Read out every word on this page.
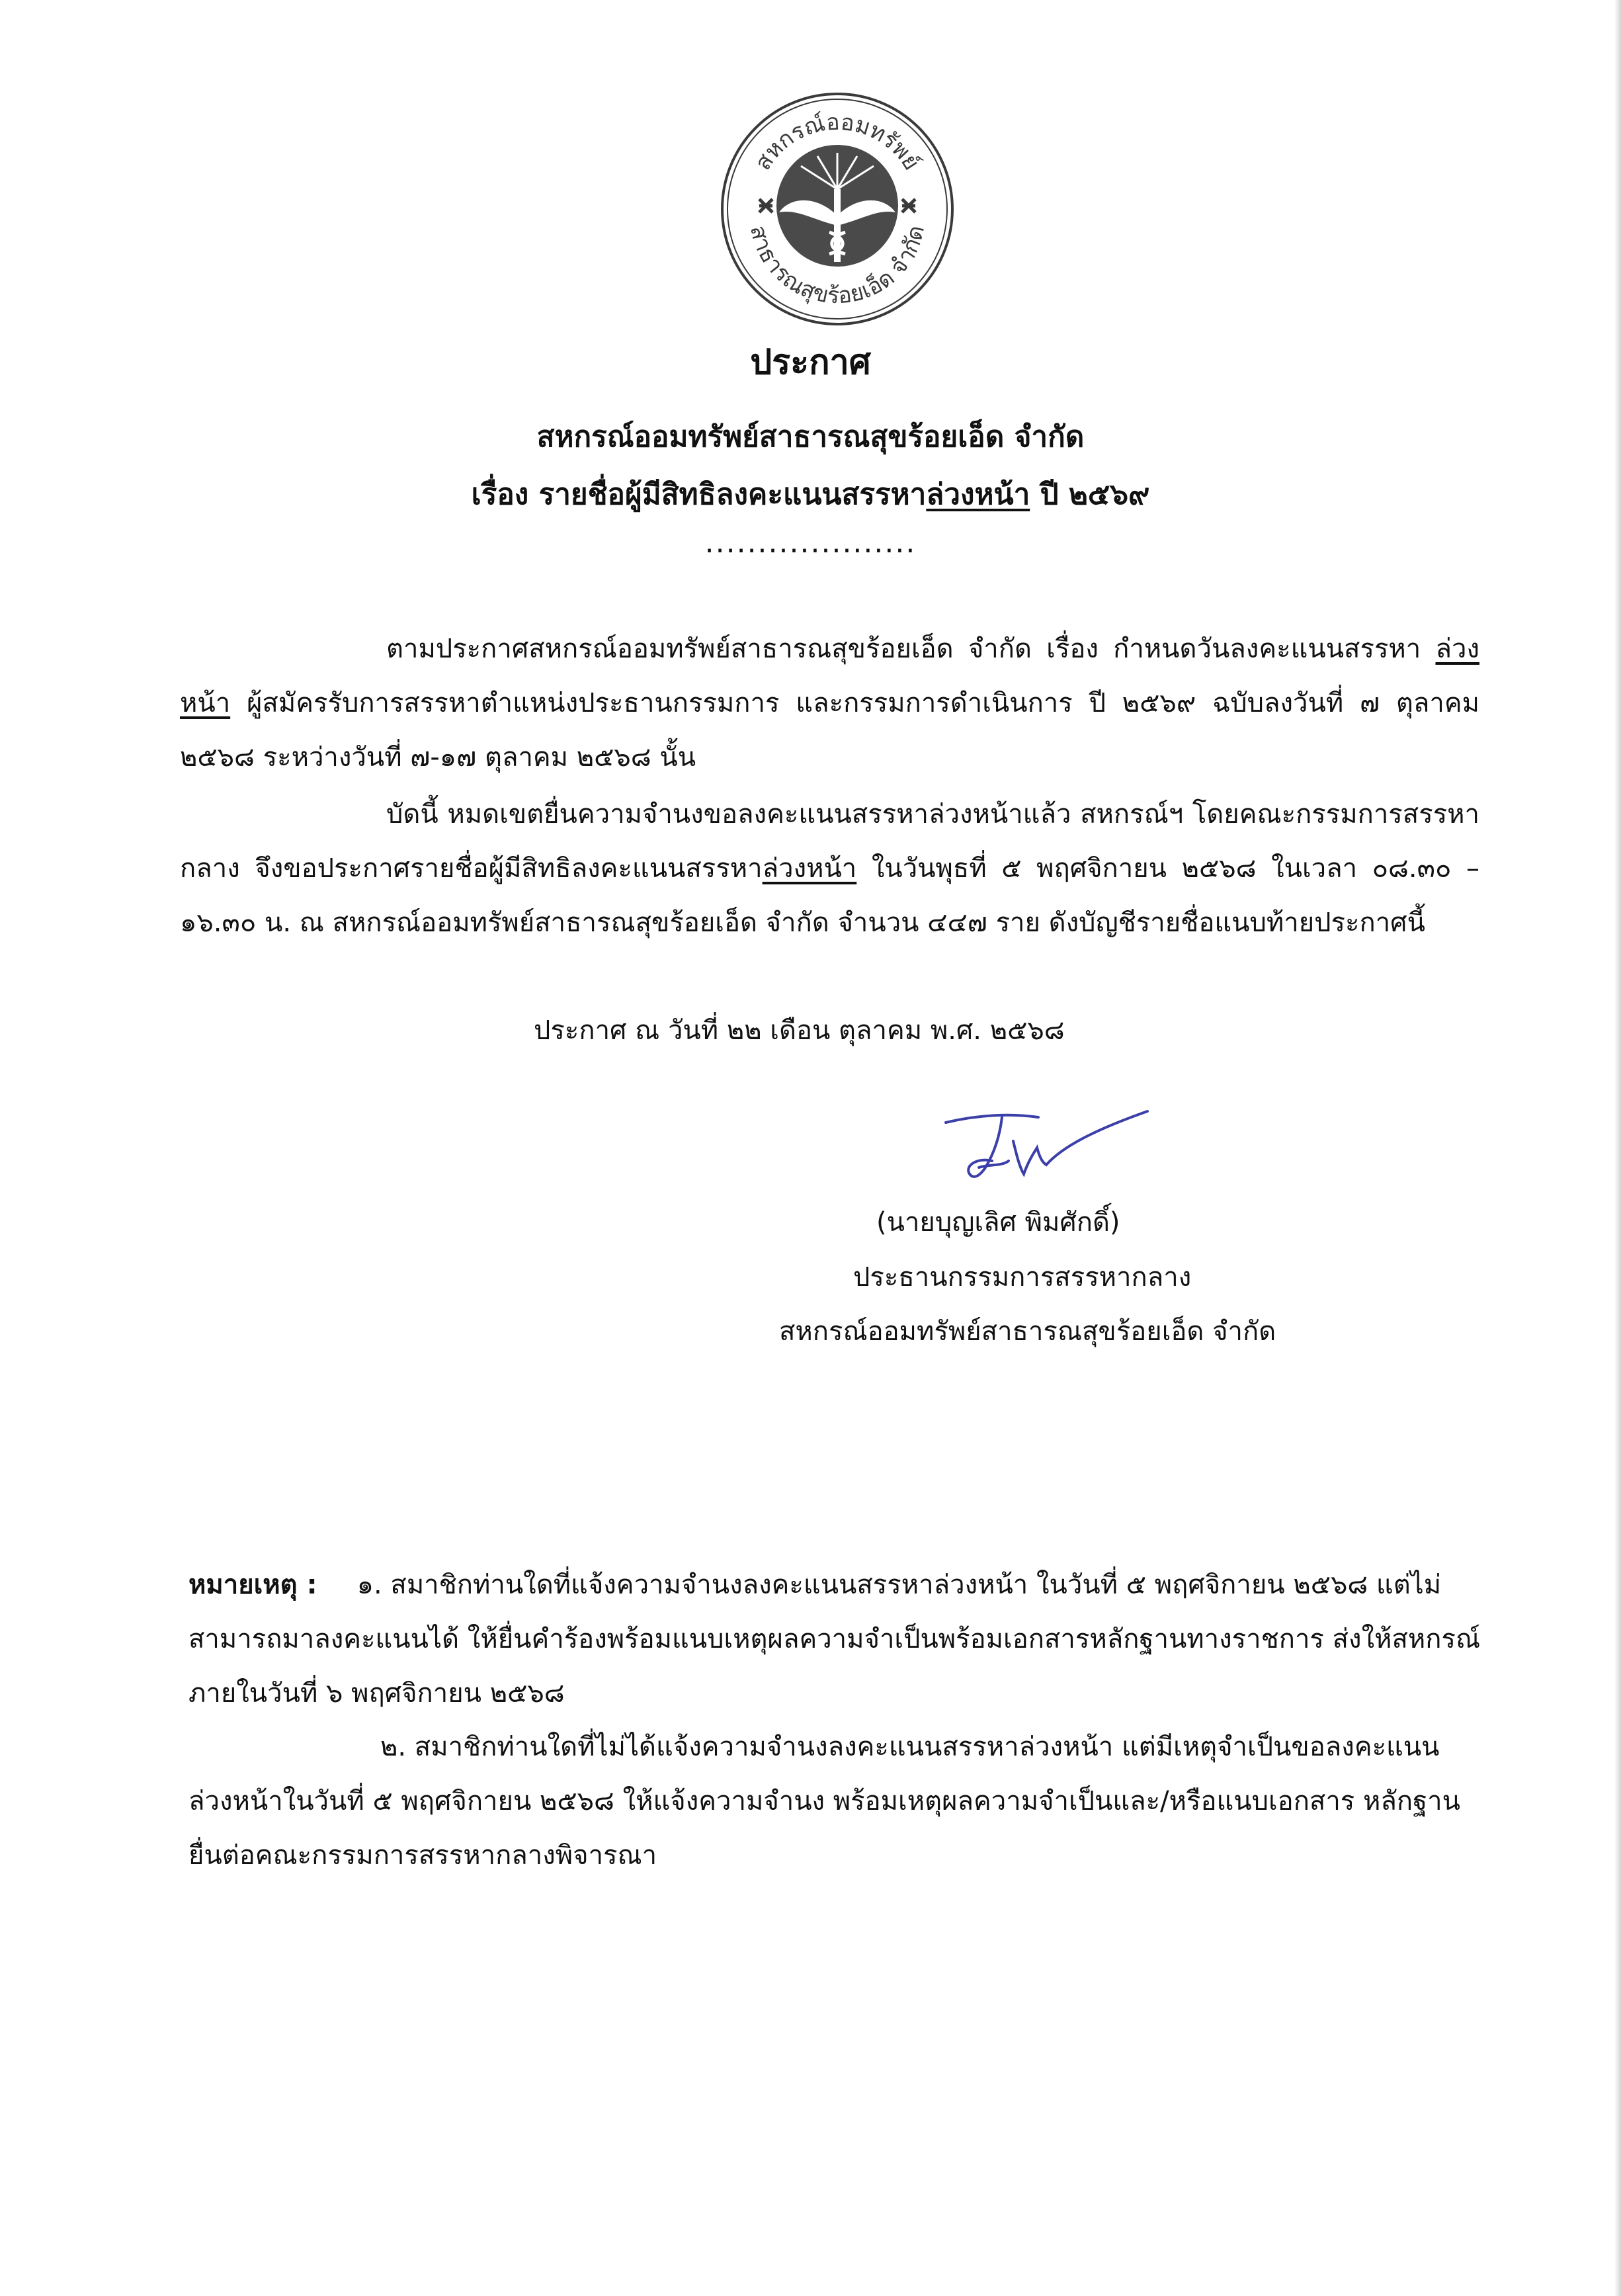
สหกรณ์ออมทรัพย์
สาธารณสุขร้อยเอ็ด จำกัด
ประกาศ
สหกรณ์ออมทรัพย์สาธารณสุขร้อยเอ็ด จำกัด
เรื่อง รายชื่อผู้มีสิทธิลงคะแนนสรรหาล่วงหน้า ปี ๒๕๖๙
....................
ตามประกาศสหกรณ์ออมทรัพย์สาธารณสุขร้อยเอ็ด จำกัด เรื่อง กำหนดวันลงคะแนนสรรหา ล่วงหน้า ผู้สมัครรับการสรรหาตำแหน่งประธานกรรมการ และกรรมการดำเนินการ ปี ๒๕๖๙ ฉบับลงวันที่ ๗ ตุลาคม ๒๕๖๘ ระหว่างวันที่ ๗-๑๗ ตุลาคม ๒๕๖๘ นั้น
บัดนี้ หมดเขตยื่นความจำนงขอลงคะแนนสรรหาล่วงหน้าแล้ว สหกรณ์ฯ โดยคณะกรรมการสรรหากลาง จึงขอประกาศรายชื่อผู้มีสิทธิลงคะแนนสรรหาล่วงหน้า ในวันพุธที่ ๕ พฤศจิกายน ๒๕๖๘ ในเวลา ๐๘.๓๐ – ๑๖.๓๐ น. ณ สหกรณ์ออมทรัพย์สาธารณสุขร้อยเอ็ด จำกัด จำนวน ๔๔๗ ราย ดังบัญชีรายชื่อแนบท้ายประกาศนี้
ประกาศ ณ วันที่ ๒๒ เดือน ตุลาคม พ.ศ. ๒๕๖๘
(นายบุญเลิศ พิมศักดิ์)
ประธานกรรมการสรรหากลาง
สหกรณ์ออมทรัพย์สาธารณสุขร้อยเอ็ด จำกัด
หมายเหตุ : ๑. สมาชิกท่านใดที่แจ้งความจำนงลงคะแนนสรรหาล่วงหน้า ในวันที่ ๕ พฤศจิกายน ๒๕๖๘ แต่ไม่สามารถมาลงคะแนนได้ ให้ยื่นคำร้องพร้อมแนบเหตุผลความจำเป็นพร้อมเอกสารหลักฐานทางราชการ ส่งให้สหกรณ์ภายในวันที่ ๖ พฤศจิกายน ๒๕๖๘
๒. สมาชิกท่านใดที่ไม่ได้แจ้งความจำนงลงคะแนนสรรหาล่วงหน้า แต่มีเหตุจำเป็นขอลงคะแนน
ล่วงหน้าในวันที่ ๕ พฤศจิกายน ๒๕๖๘ ให้แจ้งความจำนง พร้อมเหตุผลความจำเป็นและ/หรือแนบเอกสาร หลักฐาน ยื่นต่อคณะกรรมการสรรหากลางพิจารณา
